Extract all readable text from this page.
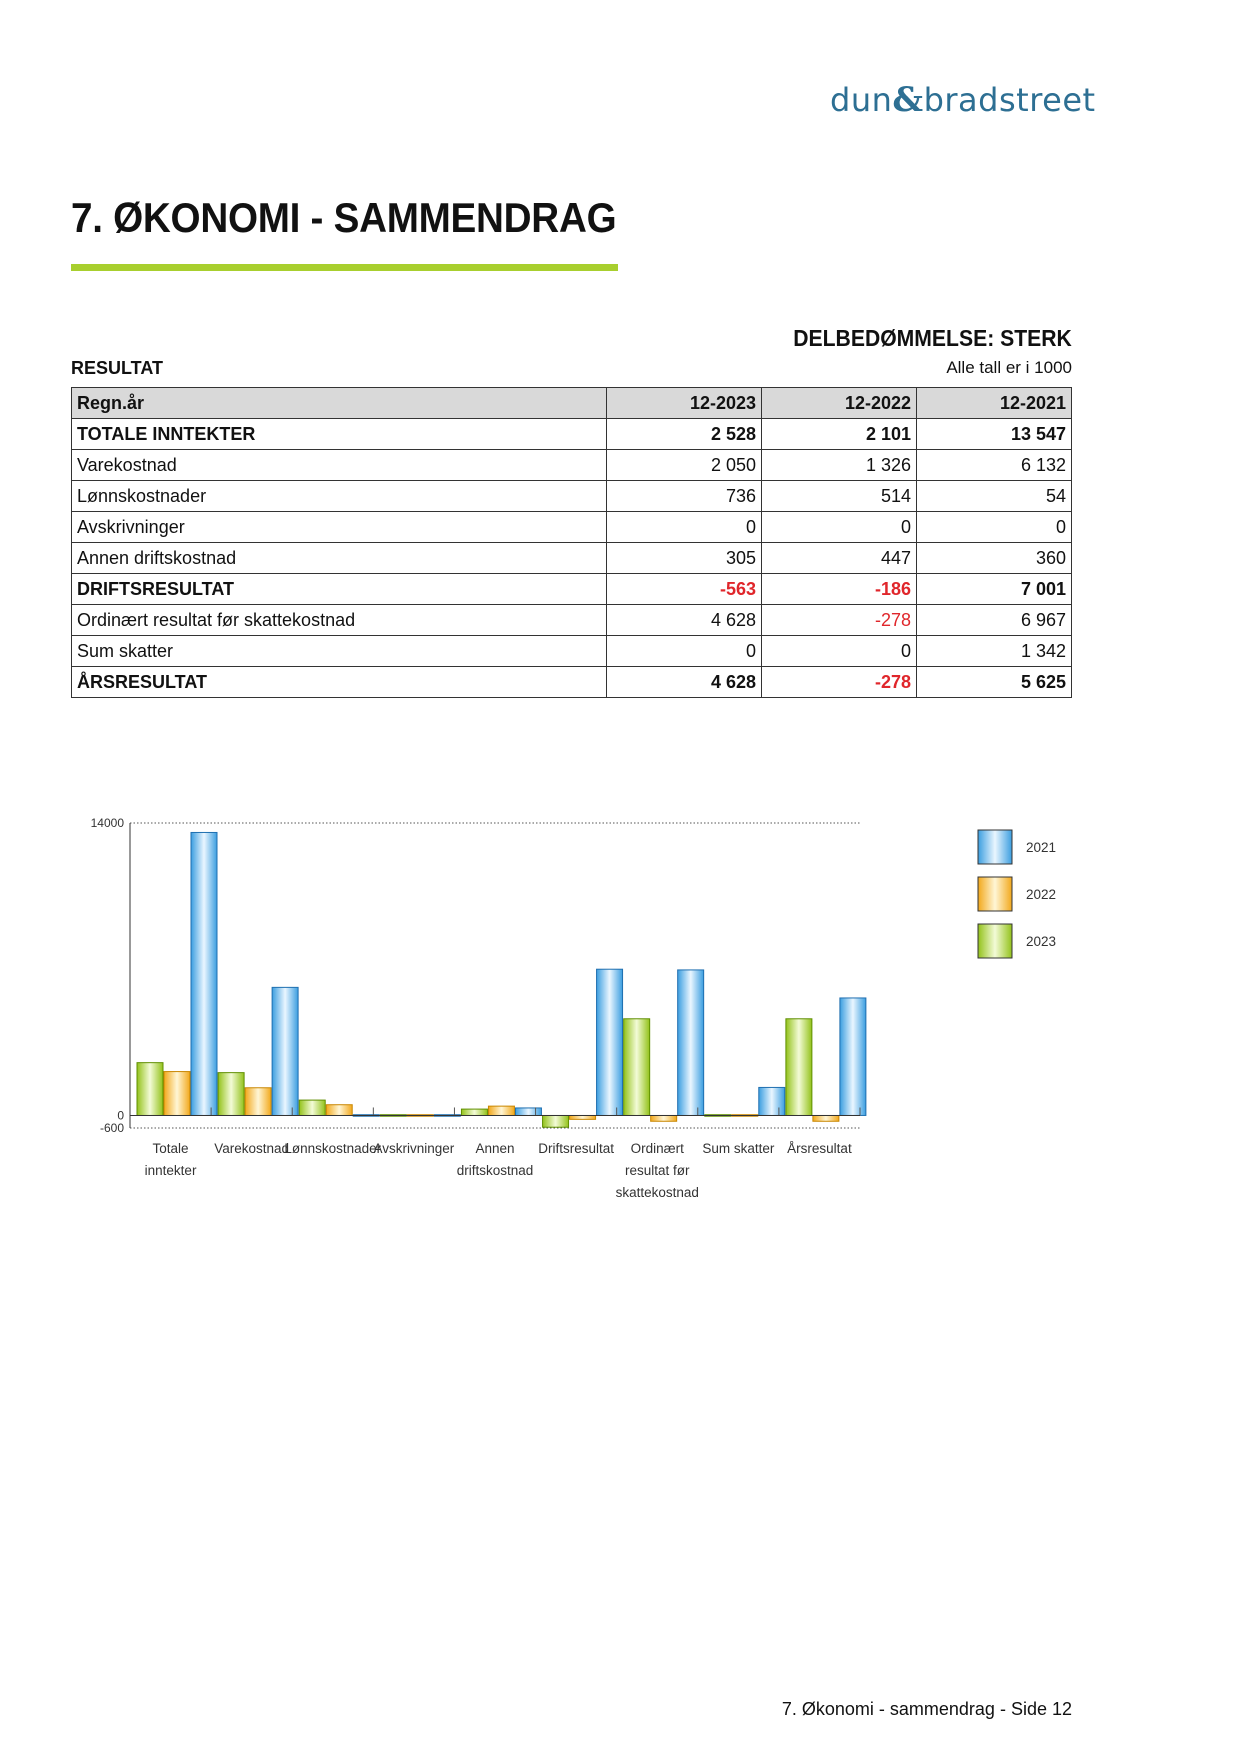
dun&bradstreet
7. ØKONOMI - SAMMENDRAG
DELBEDØMMELSE: STERK
RESULTAT	Alle tall er i 1000
Regn.år	12-2023	12-2022	12-2021
TOTALE INNTEKTER	2 528	2 101	13 547
Varekostnad	2 050	1 326	6 132
Lønnskostnader	736	514	54
Avskrivninger	0	0	0
Annen driftskostnad	305	447	360
DRIFTSRESULTAT	-563	-186	7 001
Ordinært resultat før skattekostnad	4 628	-278	6 967
Sum skatter	0	0	1 342
ÅRSRESULTAT	4 628	-278	5 625
14000
0
-600
Totale
inntekter
Varekostnad
Lønnskostnader
Avskrivninger Annen
driftskostnad
Driftsresultat Ordinært
resultat før
skattekostnad
Sum skatter Årsresultat
2021
2022
2023
7. Økonomi - sammendrag - Side 12
